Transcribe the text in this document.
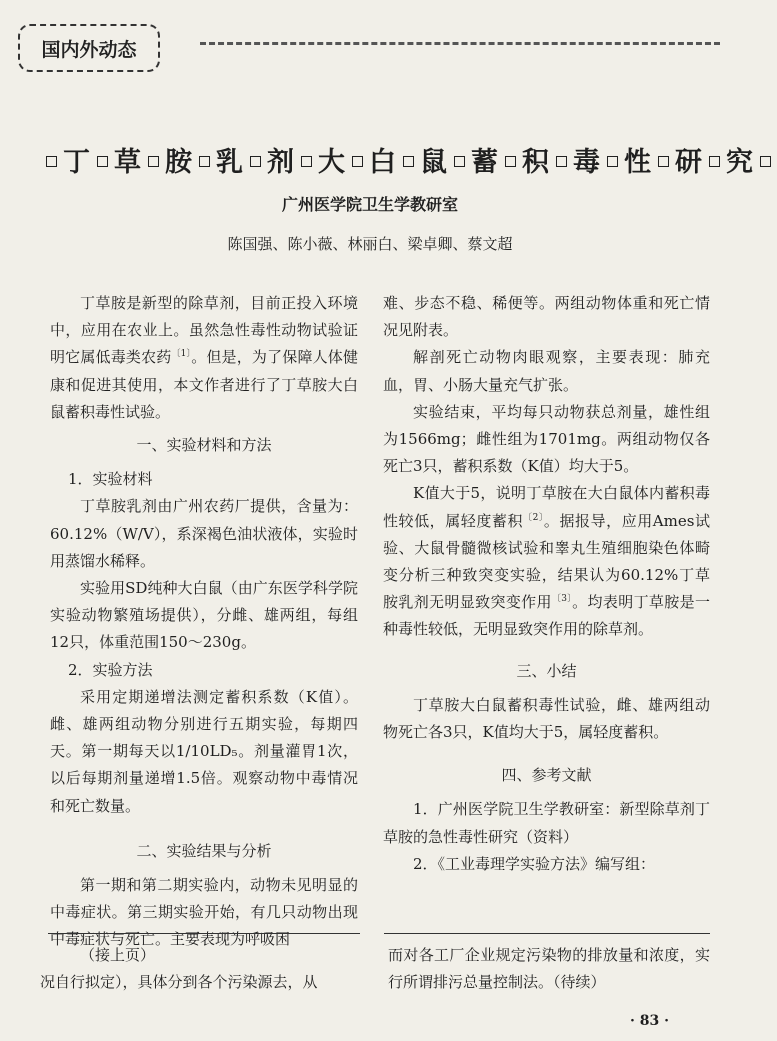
国内外动态
丁 草 胺 乳 剂 大 白 鼠 蓄 积 毒 性 研 究
广州医学院卫生学教研室
陈国强、陈小薇、林丽白、梁卓卿、蔡文超

丁草胺是新型的除草剂，目前正投入环境中，应用在农业上。虽然急性毒性动物试验证明它属低毒类农药$^{〔1〕}$。但是，为了保障人体健康和促进其使用，本文作者进行了丁草胺大白鼠蓄积毒性试验。

一、实验材料和方法

1．实验材料

丁草胺乳剂由广州农药厂提供，含量为：60.12%（W/V），系深褐色油状液体，实验时用蒸馏水稀释。

实验用SD纯种大白鼠（由广东医学科学院实验动物繁殖场提供），分雌、雄两组，每组12只，体重范围150～230g。

2．实验方法

采用定期递增法测定蓄积系数（K值）。雌、雄两组动物分别进行五期实验，每期四天。第一期每天以1/10LD₅。剂量灌胃1次，以后每期剂量递增1.5倍。观察动物中毒情况和死亡数量。

二、实验结果与分析

第一期和第二期实验内，动物未见明显的中毒症状。第三期实验开始，有几只动物出现中毒症状与死亡。主要表现为呼吸困

难、步态不稳、稀便等。两组动物体重和死亡情况见附表。

解剖死亡动物肉眼观察，主要表现：肺充血，胃、小肠大量充气扩张。

实验结束，平均每只动物获总剂量，雄性组为1566mg；雌性组为1701mg。两组动物仅各死亡3只，蓄积系数（K值）均大于5。

K值大于5，说明丁草胺在大白鼠体内蓄积毒性较低，属轻度蓄积$^{〔2〕}$。据报导，应用Ames试验、大鼠骨髓微核试验和睾丸生殖细胞染色体畸变分析三种致突变实验，结果认为60.12%丁草胺乳剂无明显致突变作用$^{〔3〕}$。均表明丁草胺是一种毒性较低，无明显致突作用的除草剂。

三、小结

丁草胺大白鼠蓄积毒性试验，雌、雄两组动物死亡各3只，K值均大于5，属轻度蓄积。

四、参考文献

1．广州医学院卫生学教研室：新型除草剂丁草胺的急性毒性研究（资料）

2．《工业毒理学实验方法》编写组：

（接上页）
况自行拟定），具体分到各个污染源去，从
而对各工厂企业规定污染物的排放量和浓度，实行所谓排污总量控制法。（待续）
· 83 ·
